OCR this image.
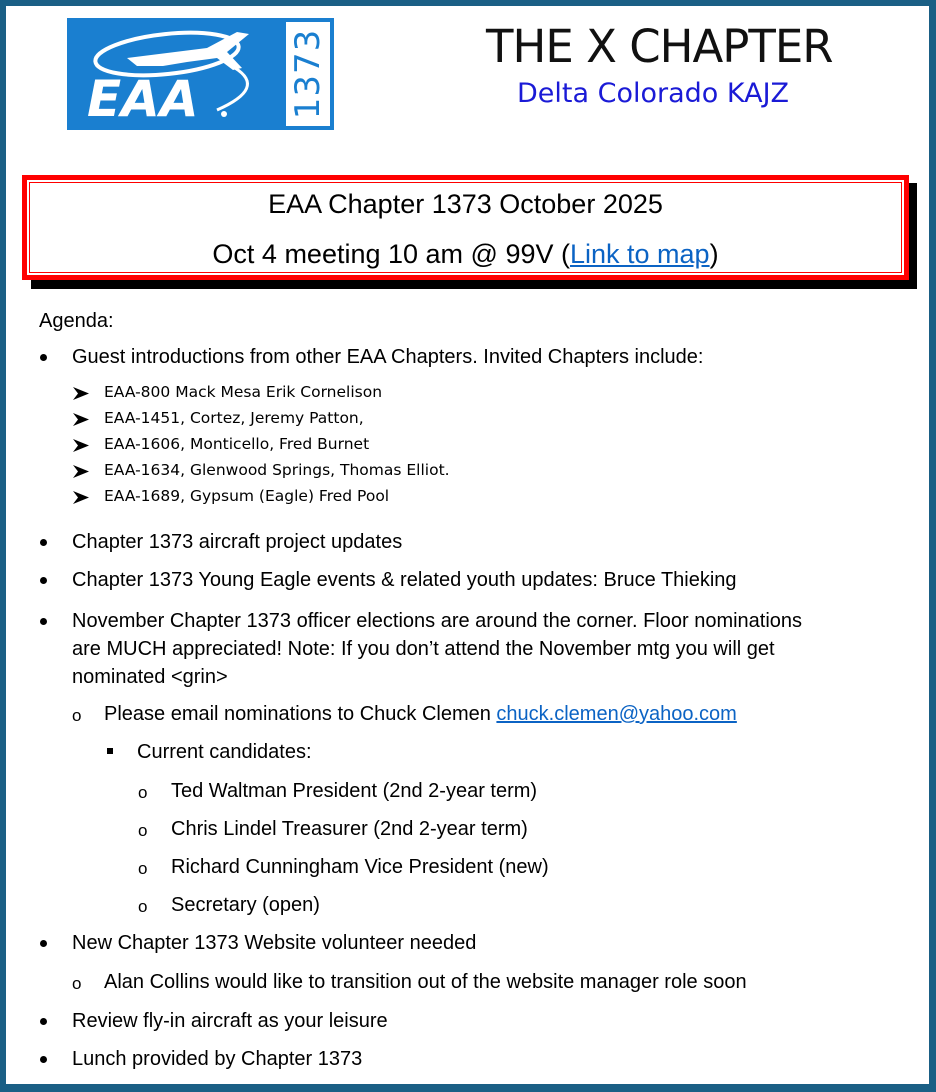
EAA	1373	THE X CHAPTER
Delta Colorado KAJZ
EAA Chapter 1373 October 2025
Oct 4 meeting 10 am @ 99V (Link to map)
Agenda:
Guest introductions from other EAA Chapters. Invited Chapters include:
EAA-800 Mack Mesa Erik Cornelison
EAA-1451, Cortez, Jeremy Patton,
EAA-1606, Monticello, Fred Burnet
EAA-1634, Glenwood Springs, Thomas Elliot.
EAA-1689, Gypsum (Eagle) Fred Pool
Chapter 1373 aircraft project updates
Chapter 1373 Young Eagle events & related youth updates: Bruce Thieking
November Chapter 1373 officer elections are around the corner. Floor nominations
are MUCH appreciated! Note: If you don’t attend the November mtg you will get
nominated <grin>
o Please email nominations to Chuck Clemen chuck.clemen@yahoo.com
Current candidates:
o Ted Waltman President (2nd 2-year term)
o Chris Lindel Treasurer (2nd 2-year term)
o Richard Cunningham Vice President (new)
o Secretary (open)
New Chapter 1373 Website volunteer needed
o Alan Collins would like to transition out of the website manager role soon
Review fly-in aircraft as your leisure
Lunch provided by Chapter 1373
